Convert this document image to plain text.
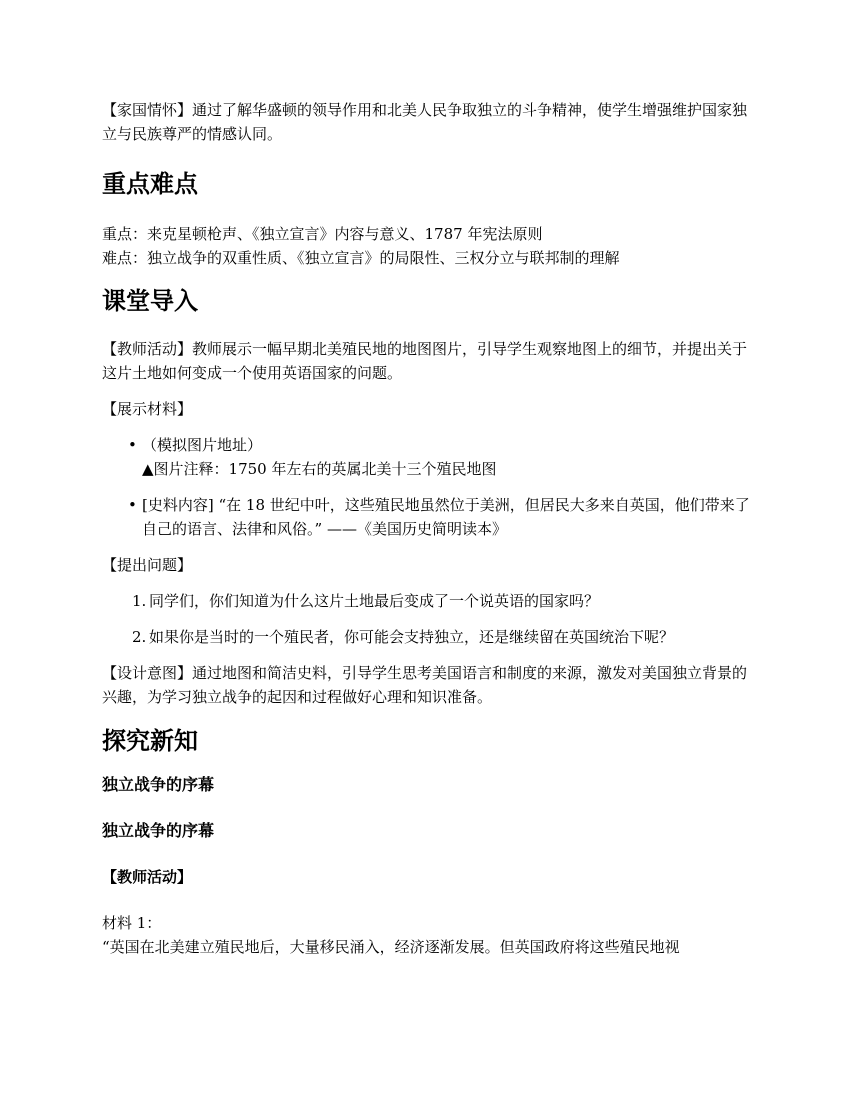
【家国情怀】通过了解华盛顿的领导作用和北美人民争取独立的斗争精神，使学生增强维护国家独立与民族尊严的情感认同。

重点难点

重点：来克星顿枪声、《独立宣言》内容与意义、1787 年宪法原则

难点：独立战争的双重性质、《独立宣言》的局限性、三权分立与联邦制的理解

课堂导入

【教师活动】教师展示一幅早期北美殖民地的地图图片，引导学生观察地图上的细节，并提出关于这片土地如何变成一个使用英语国家的问题。

【展示材料】

• （模拟图片地址）
▲图片注释：1750 年左右的英属北美十三个殖民地图
• [史料内容] “在 18 世纪中叶，这些殖民地虽然位于美洲，但居民大多来自英国，他们带来了自己的语言、法律和风俗。” ——《美国历史简明读本》

【提出问题】

1. 同学们，你们知道为什么这片土地最后变成了一个说英语的国家吗？
2. 如果你是当时的一个殖民者，你可能会支持独立，还是继续留在英国统治下呢？

【设计意图】通过地图和简洁史料，引导学生思考美国语言和制度的来源，激发对美国独立背景的兴趣，为学习独立战争的起因和过程做好心理和知识准备。

探究新知
独立战争的序幕
独立战争的序幕

【教师活动】

材料 1：

“英国在北美建立殖民地后，大量移民涌入，经济逐渐发展。但英国政府将这些殖民地视
